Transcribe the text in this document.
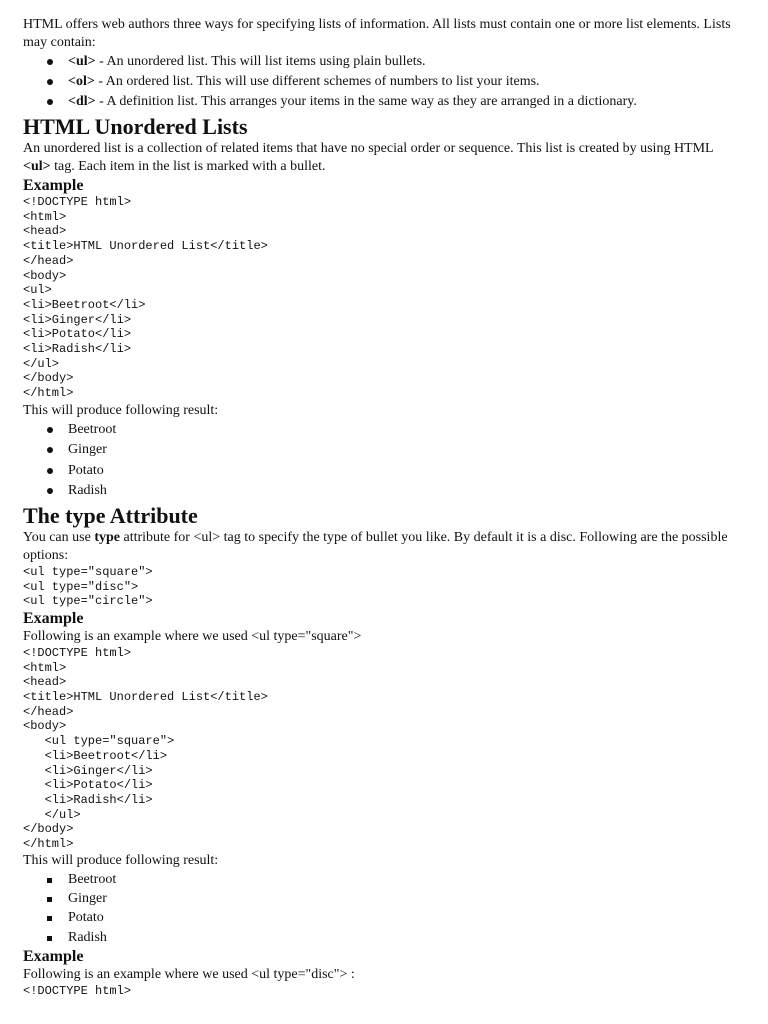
HTML offers web authors three ways for specifying lists of information. All lists must contain one or more list elements. Lists may contain:

<ul> - An unordered list. This will list items using plain bullets.
<ol> - An ordered list. This will use different schemes of numbers to list your items.
<dl> - A definition list. This arranges your items in the same way as they are arranged in a dictionary.
HTML Unordered Lists

An unordered list is a collection of related items that have no special order or sequence. This list is created by using HTML <ul> tag. Each item in the list is marked with a bullet.

Example
<!DOCTYPE html>
<html>
<head>
<title>HTML Unordered List</title>
</head>
<body>
<ul>
<li>Beetroot</li>
<li>Ginger</li>
<li>Potato</li>
<li>Radish</li>
</ul>
</body>
</html>

This will produce following result:

Beetroot
Ginger
Potato
Radish
The type Attribute

You can use type attribute for <ul> tag to specify the type of bullet you like. By default it is a disc. Following are the possible options:

<ul type="square">
<ul type="disc">
<ul type="circle">
Example

Following is an example where we used <ul type="square">

<!DOCTYPE html>
<html>
<head>
<title>HTML Unordered List</title>
</head>
<body>
<ul type="square">
<li>Beetroot</li>
<li>Ginger</li>
<li>Potato</li>
<li>Radish</li>
</ul>
</body>
</html>

This will produce following result:

Beetroot
Ginger
Potato
Radish
Example

Following is an example where we used <ul type="disc"> :

<!DOCTYPE html>
